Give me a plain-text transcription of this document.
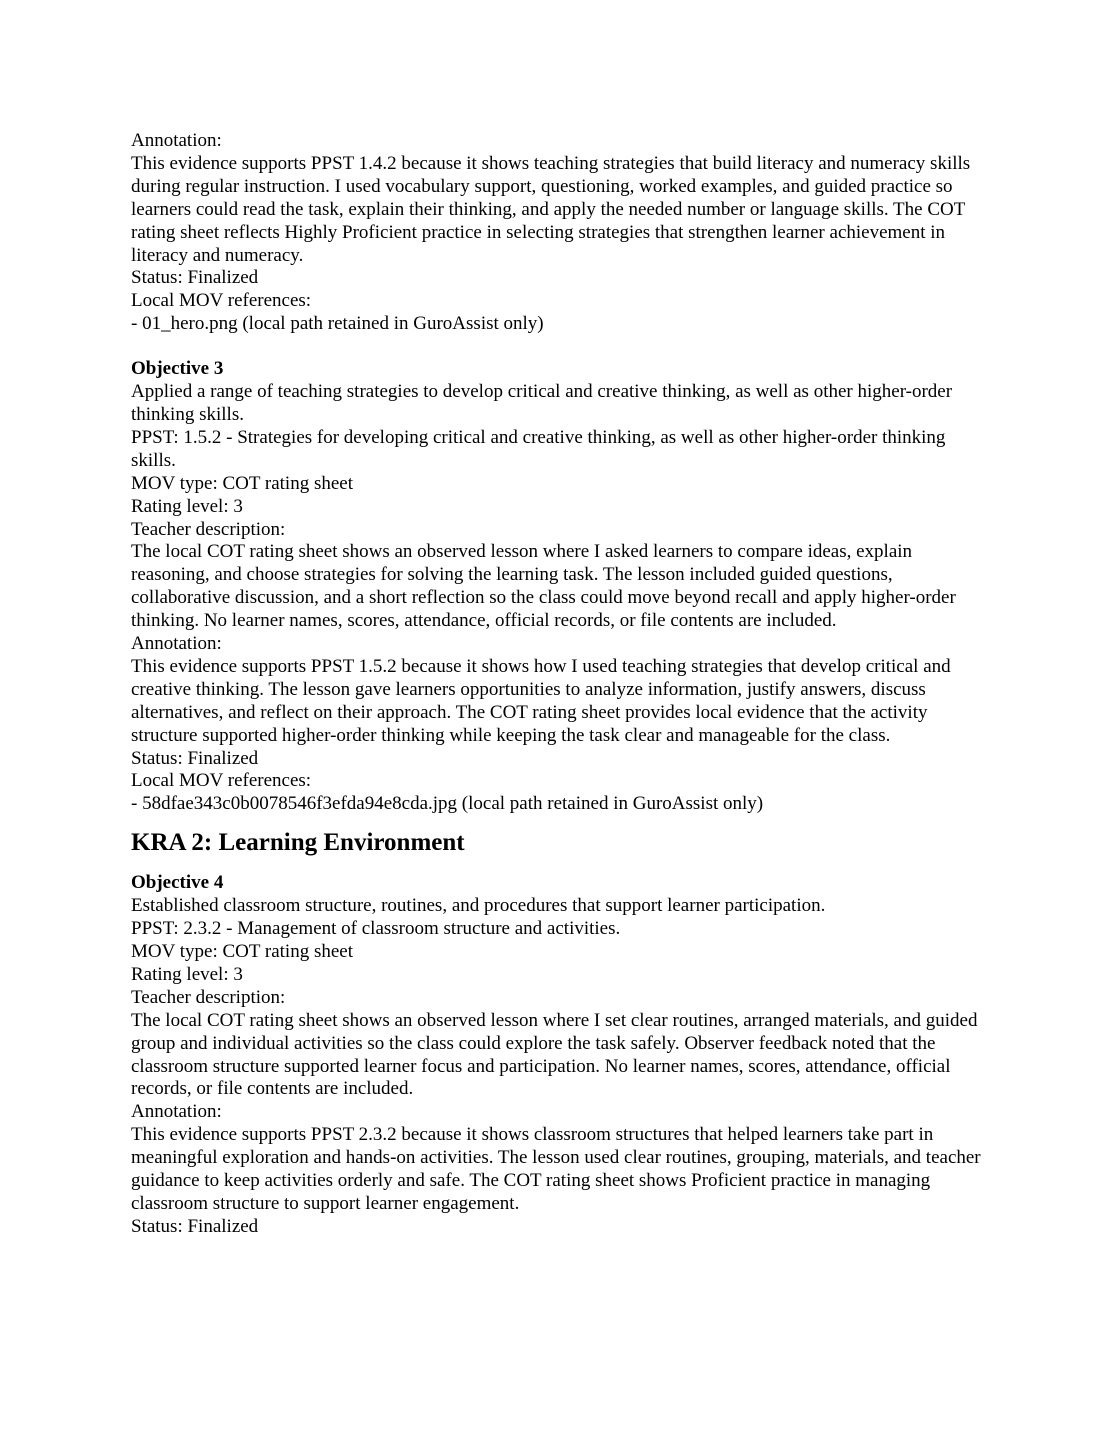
Annotation:
This evidence supports PPST 1.4.2 because it shows teaching strategies that build literacy and numeracy skills during regular instruction. I used vocabulary support, questioning, worked examples, and guided practice so learners could read the task, explain their thinking, and apply the needed number or language skills. The COT rating sheet reflects Highly Proficient practice in selecting strategies that strengthen learner achievement in literacy and numeracy.
Status: Finalized
Local MOV references:
- 01_hero.png (local path retained in GuroAssist only)
Objective 3
Applied a range of teaching strategies to develop critical and creative thinking, as well as other higher-order thinking skills.
PPST: 1.5.2 - Strategies for developing critical and creative thinking, as well as other higher-order thinking skills.
MOV type: COT rating sheet
Rating level: 3
Teacher description:
The local COT rating sheet shows an observed lesson where I asked learners to compare ideas, explain reasoning, and choose strategies for solving the learning task. The lesson included guided questions, collaborative discussion, and a short reflection so the class could move beyond recall and apply higher-order thinking. No learner names, scores, attendance, official records, or file contents are included.
Annotation:
This evidence supports PPST 1.5.2 because it shows how I used teaching strategies that develop critical and creative thinking. The lesson gave learners opportunities to analyze information, justify answers, discuss alternatives, and reflect on their approach. The COT rating sheet provides local evidence that the activity structure supported higher-order thinking while keeping the task clear and manageable for the class.
Status: Finalized
Local MOV references:
- 58dfae343c0b0078546f3efda94e8cda.jpg (local path retained in GuroAssist only)
KRA 2: Learning Environment
Objective 4
Established classroom structure, routines, and procedures that support learner participation.
PPST: 2.3.2 - Management of classroom structure and activities.
MOV type: COT rating sheet
Rating level: 3
Teacher description:
The local COT rating sheet shows an observed lesson where I set clear routines, arranged materials, and guided group and individual activities so the class could explore the task safely. Observer feedback noted that the classroom structure supported learner focus and participation. No learner names, scores, attendance, official records, or file contents are included.
Annotation:
This evidence supports PPST 2.3.2 because it shows classroom structures that helped learners take part in meaningful exploration and hands-on activities. The lesson used clear routines, grouping, materials, and teacher guidance to keep activities orderly and safe. The COT rating sheet shows Proficient practice in managing classroom structure to support learner engagement.
Status: Finalized
